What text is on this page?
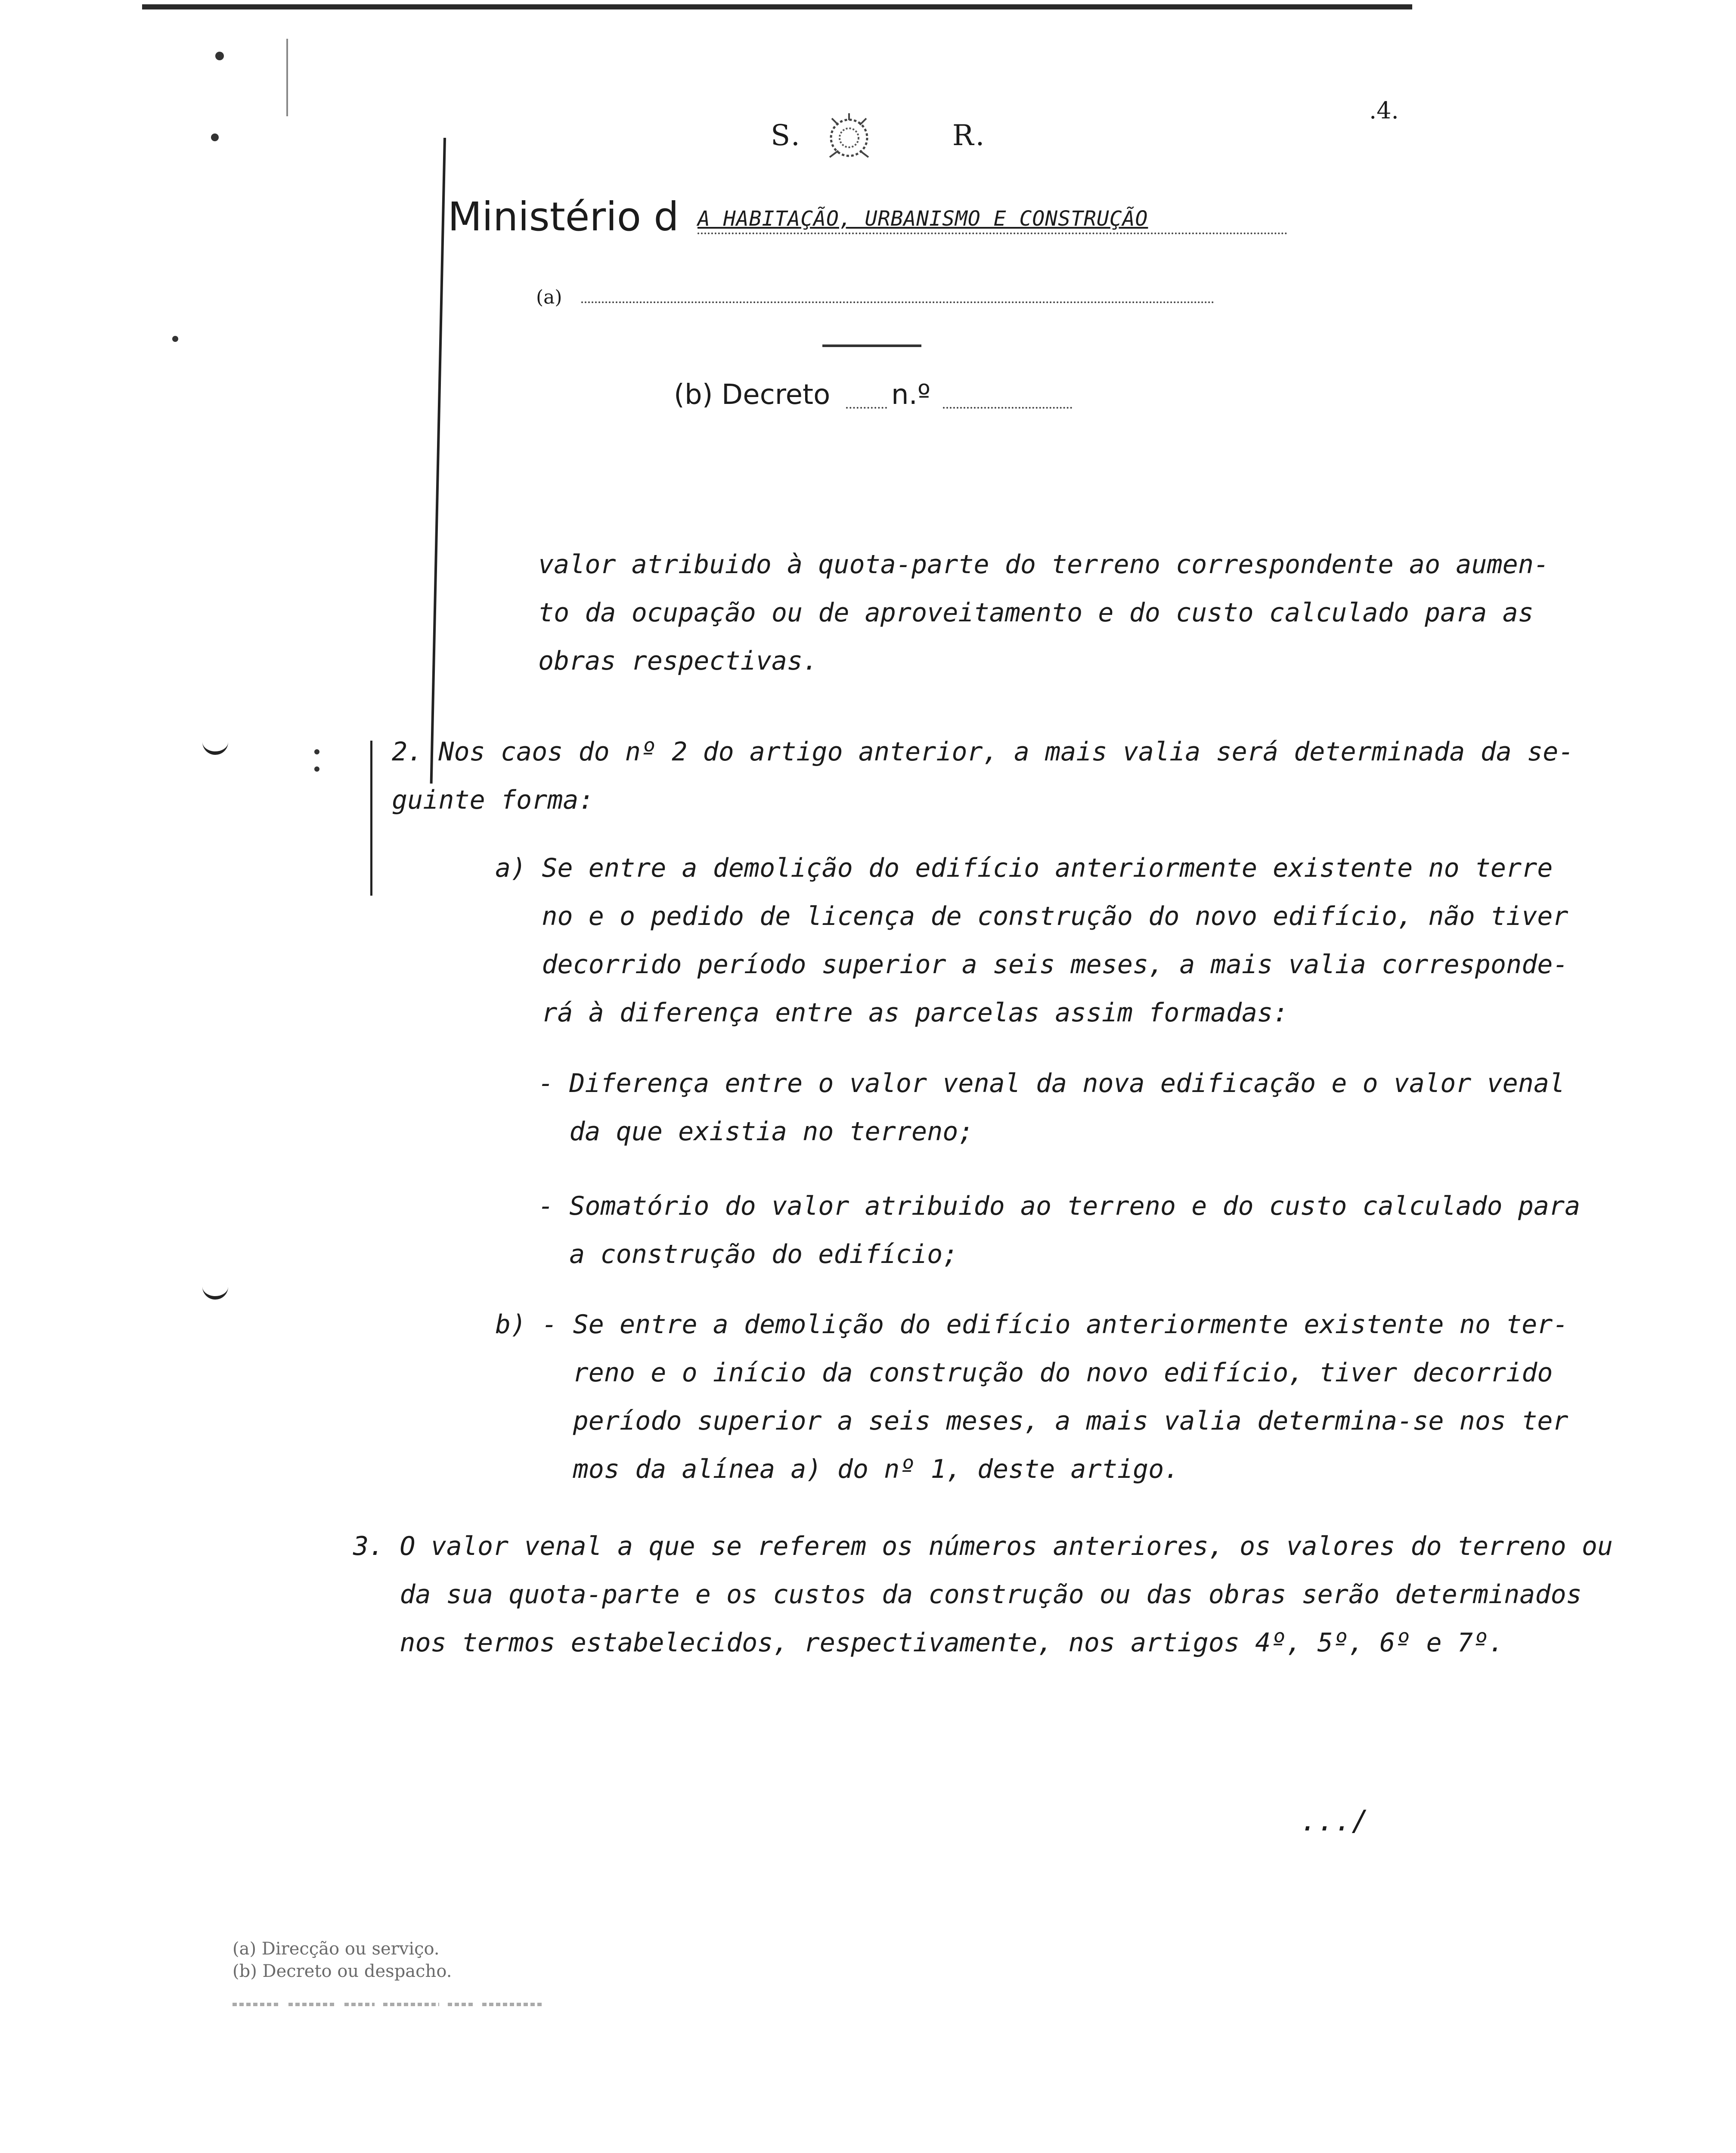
S.	R.
.4.
Ministério d A HABITAÇÃO, URBANISMO E CONSTRUÇÃO
(a)
(b) Decreto n.º
valor atribuido à quota-parte do terreno correspondente ao aumen-
to da ocupação ou de aproveitamento e do custo calculado para as
obras respectivas.
2. Nos caos do nº 2 do artigo anterior, a mais valia será determinada da se-
guinte forma:
a) Se entre a demolição do edifício anteriormente existente no terre
no e o pedido de licença de construção do novo edifício, não tiver
decorrido período superior a seis meses, a mais valia corresponde-
rá à diferença entre as parcelas assim formadas:
- Diferença entre o valor venal da nova edificação e o valor venal
da que existia no terreno;
- Somatório do valor atribuido ao terreno e do custo calculado para
a construção do edifício;
b) - Se entre a demolição do edifício anteriormente existente no ter-
reno e o início da construção do novo edifício, tiver decorrido
período superior a seis meses, a mais valia determina-se nos ter
mos da alínea a) do nº 1, deste artigo.
3. O valor venal a que se referem os números anteriores, os valores do terreno ou
da sua quota-parte e os custos da construção ou das obras serão determinados
nos termos estabelecidos, respectivamente, nos artigos 4º, 5º, 6º e 7º.
.../
(a) Direcção ou serviço.
(b) Decreto ou despacho.
